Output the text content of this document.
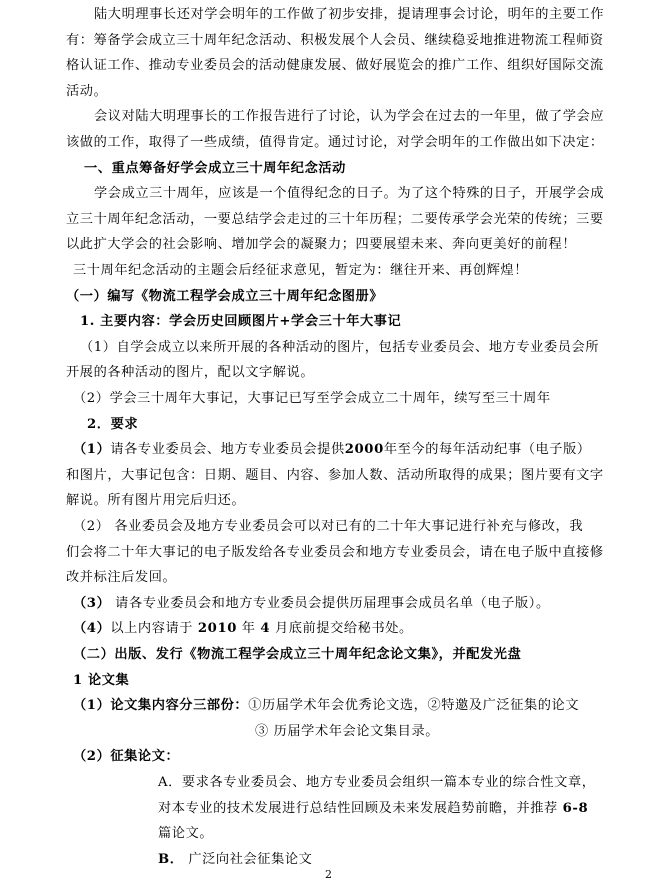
陆大明理事长还对学会明年的工作做了初步安排，提请理事会讨论，明年的主要工作
有：筹备学会成立三十周年纪念活动、积极发展个人会员、继续稳妥地推进物流工程师资
格认证工作、推动专业委员会的活动健康发展、做好展览会的推广工作、组织好国际交流
活动。
会议对陆大明理事长的工作报告进行了讨论，认为学会在过去的一年里，做了学会应
该做的工作，取得了一些成绩，值得肯定。通过讨论，对学会明年的工作做出如下决定：
一、重点筹备好学会成立三十周年纪念活动
学会成立三十周年，应该是一个值得纪念的日子。为了这个特殊的日子，开展学会成
立三十周年纪念活动，一要总结学会走过的三十年历程；二要传承学会光荣的传统；三要
以此扩大学会的社会影响、增加学会的凝聚力；四要展望未来、奔向更美好的前程！
三十周年纪念活动的主题会后经征求意见，暂定为：继往开来、再创辉煌！
（一）编写《物流工程学会成立三十周年纪念图册》
1. 主要内容：学会历史回顾图片+学会三十年大事记
（1）自学会成立以来所开展的各种活动的图片，包括专业委员会、地方专业委员会所
开展的各种活动的图片，配以文字解说。
（2）学会三十周年大事记，大事记已写至学会成立二十周年，续写至三十周年
2．要求
（1）请各专业委员会、地方专业委员会提供2000年至今的每年活动纪事（电子版）
和图片，大事记包含：日期、题目、内容、参加人数、活动所取得的成果；图片要有文字
解说。所有图片用完后归还。
（2） 各业委员会及地方专业委员会可以对已有的二十年大事记进行补充与修改，我
们会将二十年大事记的电子版发给各专业委员会和地方专业委员会，请在电子版中直接修
改并标注后发回。
（3） 请各专业委员会和地方专业委员会提供历届理事会成员名单（电子版）。
（4）以上内容请于 2010 年 4 月底前提交给秘书处。
（二）出版、发行《物流工程学会成立三十周年纪念论文集》，并配发光盘
1 论文集
（1）论文集内容分三部份：①历届学术年会优秀论文选，②特邀及广泛征集的论文
③ 历届学术年会论文集目录。
（2）征集论文：
A．要求各专业委员会、地方专业委员会组织一篇本专业的综合性文章，
对本专业的技术发展进行总结性回顾及未来发展趋势前瞻，并推荐 6-8
篇论文。
B． 广泛向社会征集论文
2
